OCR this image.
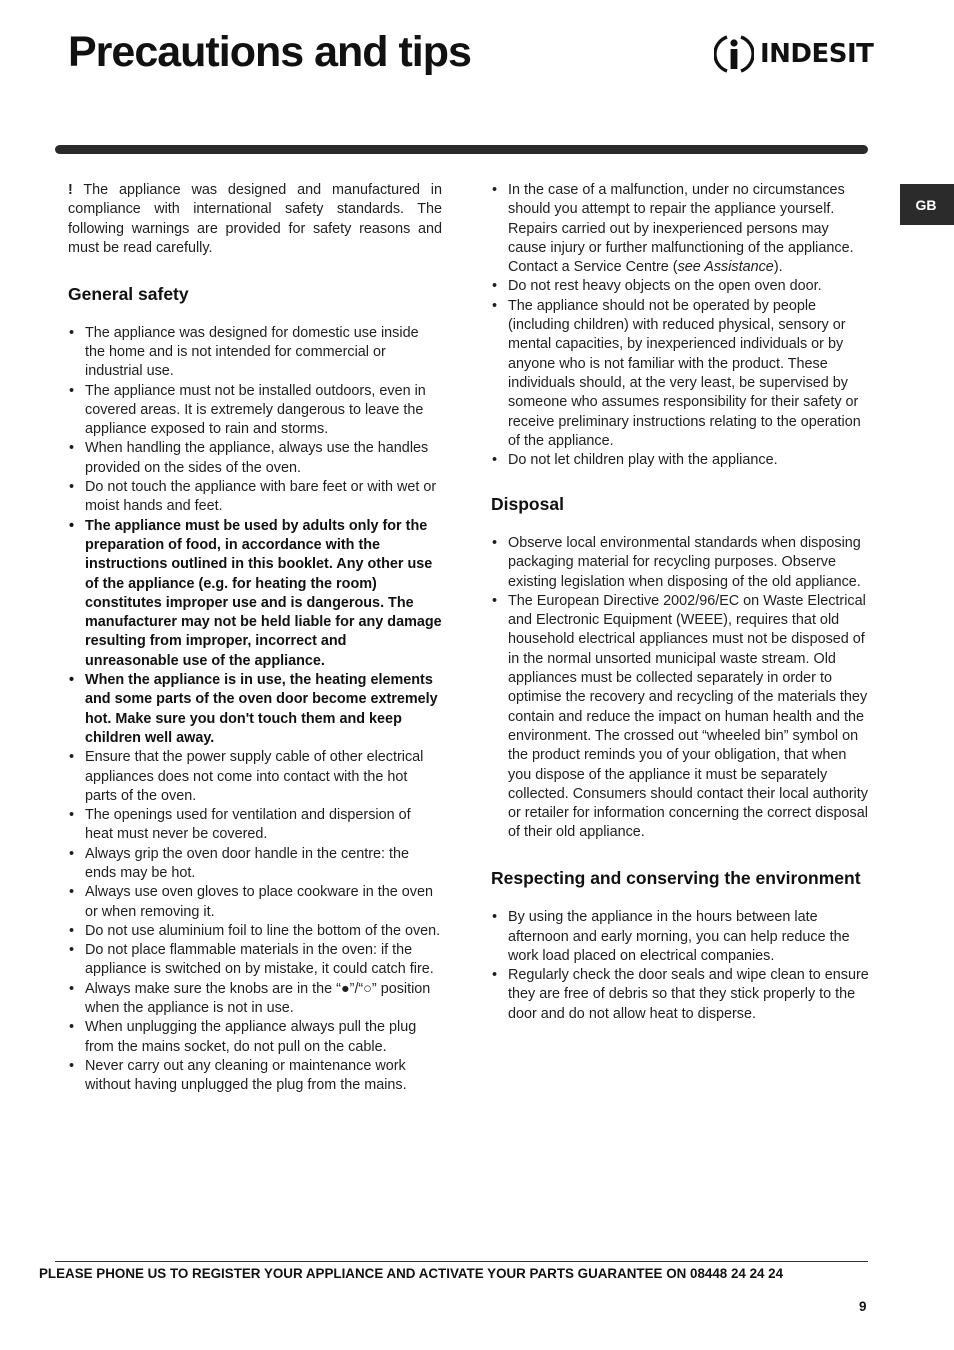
Precautions and tips	INDESIT
GB

! The appliance was designed and manufactured in compliance with international safety standards. The following warnings are provided for safety reasons and must be read carefully.

General safety
• The appliance was designed for domestic use inside the home and is not intended for commercial or industrial use.
• The appliance must not be installed outdoors, even in covered areas. It is extremely dangerous to leave the appliance exposed to rain and storms.
• When handling the appliance, always use the handles provided on the sides of the oven.
• Do not touch the appliance with bare feet or with wet or moist hands and feet.
• The appliance must be used by adults only for the preparation of food, in accordance with the instructions outlined in this booklet. Any other use of the appliance (e.g. for heating the room) constitutes improper use and is dangerous. The manufacturer may not be held liable for any damage resulting from improper, incorrect and unreasonable use of the appliance.
• When the appliance is in use, the heating elements and some parts of the oven door become extremely hot. Make sure you don't touch them and keep children well away.
• Ensure that the power supply cable of other electrical appliances does not come into contact with the hot parts of the oven.
• The openings used for ventilation and dispersion of heat must never be covered.
• Always grip the oven door handle in the centre: the ends may be hot.
• Always use oven gloves to place cookware in the oven or when removing it.
• Do not use aluminium foil to line the bottom of the oven.
• Do not place flammable materials in the oven: if the appliance is switched on by mistake, it could catch fire.
• Always make sure the knobs are in the “●”/“○” position when the appliance is not in use.
• When unplugging the appliance always pull the plug from the mains socket, do not pull on the cable.
• Never carry out any cleaning or maintenance work without having unplugged the plug from the mains.
• In the case of a malfunction, under no circumstances should you attempt to repair the appliance yourself. Repairs carried out by inexperienced persons may cause injury or further malfunctioning of the appliance. Contact a Service Centre (see Assistance).
• Do not rest heavy objects on the open oven door.
• The appliance should not be operated by people (including children) with reduced physical, sensory or mental capacities, by inexperienced individuals or by anyone who is not familiar with the product. These individuals should, at the very least, be supervised by someone who assumes responsibility for their safety or receive preliminary instructions relating to the operation of the appliance.
• Do not let children play with the appliance.
Disposal
• Observe local environmental standards when disposing packaging material for recycling purposes. Observe existing legislation when disposing of the old appliance.
• The European Directive 2002/96/EC on Waste Electrical and Electronic Equipment (WEEE), requires that old household electrical appliances must not be disposed of in the normal unsorted municipal waste stream. Old appliances must be collected separately in order to optimise the recovery and recycling of the materials they contain and reduce the impact on human health and the environment. The crossed out “wheeled bin” symbol on the product reminds you of your obligation, that when you dispose of the appliance it must be separately collected. Consumers should contact their local authority or retailer for information concerning the correct disposal of their old appliance.
Respecting and conserving the environment
• By using the appliance in the hours between late afternoon and early morning, you can help reduce the work load placed on electrical companies.
• Regularly check the door seals and wipe clean to ensure they are free of debris so that they stick properly to the door and do not allow heat to disperse.
PLEASE PHONE US TO REGISTER YOUR APPLIANCE AND ACTIVATE YOUR PARTS GUARANTEE ON 08448 24 24 24
9
